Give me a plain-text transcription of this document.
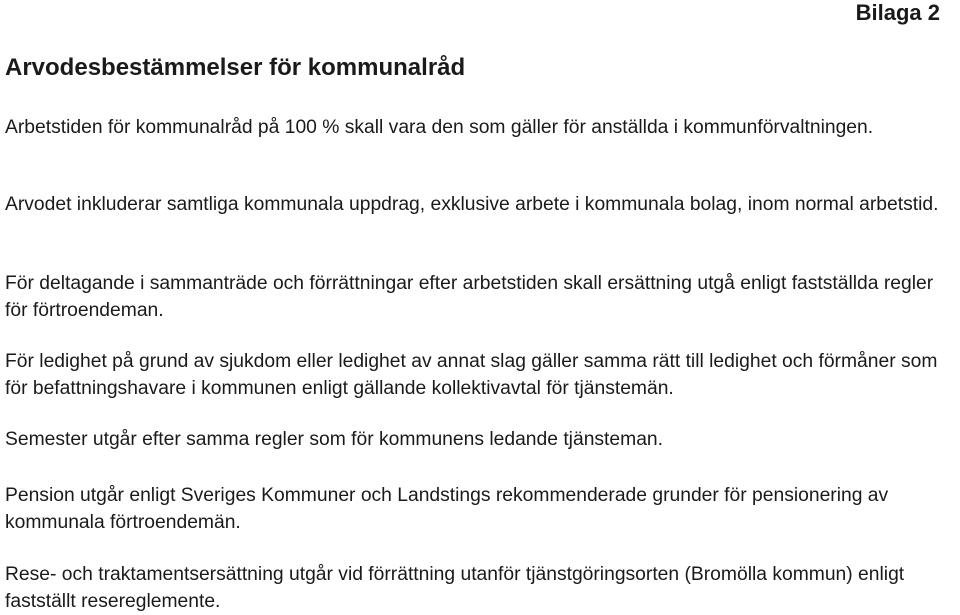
Bilaga 2
Arvodesbestämmelser för kommunalråd

Arbetstiden för kommunalråd på 100 % skall vara den som gäller för anställda i kommunförvaltningen.

Arvodet inkluderar samtliga kommunala uppdrag, exklusive arbete i kommunala bolag, inom normal arbetstid.

För deltagande i sammanträde och förrättningar efter arbetstiden skall ersättning utgå enligt fastställda regler för förtroendeman.

För ledighet på grund av sjukdom eller ledighet av annat slag gäller samma rätt till ledighet och förmåner som för befattningshavare i kommunen enligt gällande kollektivavtal för tjänstemän.

Semester utgår efter samma regler som för kommunens ledande tjänsteman.

Pension utgår enligt Sveriges Kommuner och Landstings rekommenderade grunder för pensionering av kommunala förtroendemän.

Rese- och traktamentsersättning utgår vid förrättning utanför tjänstgöringsorten (Bromölla kommun) enligt fastställt resereglemente.
